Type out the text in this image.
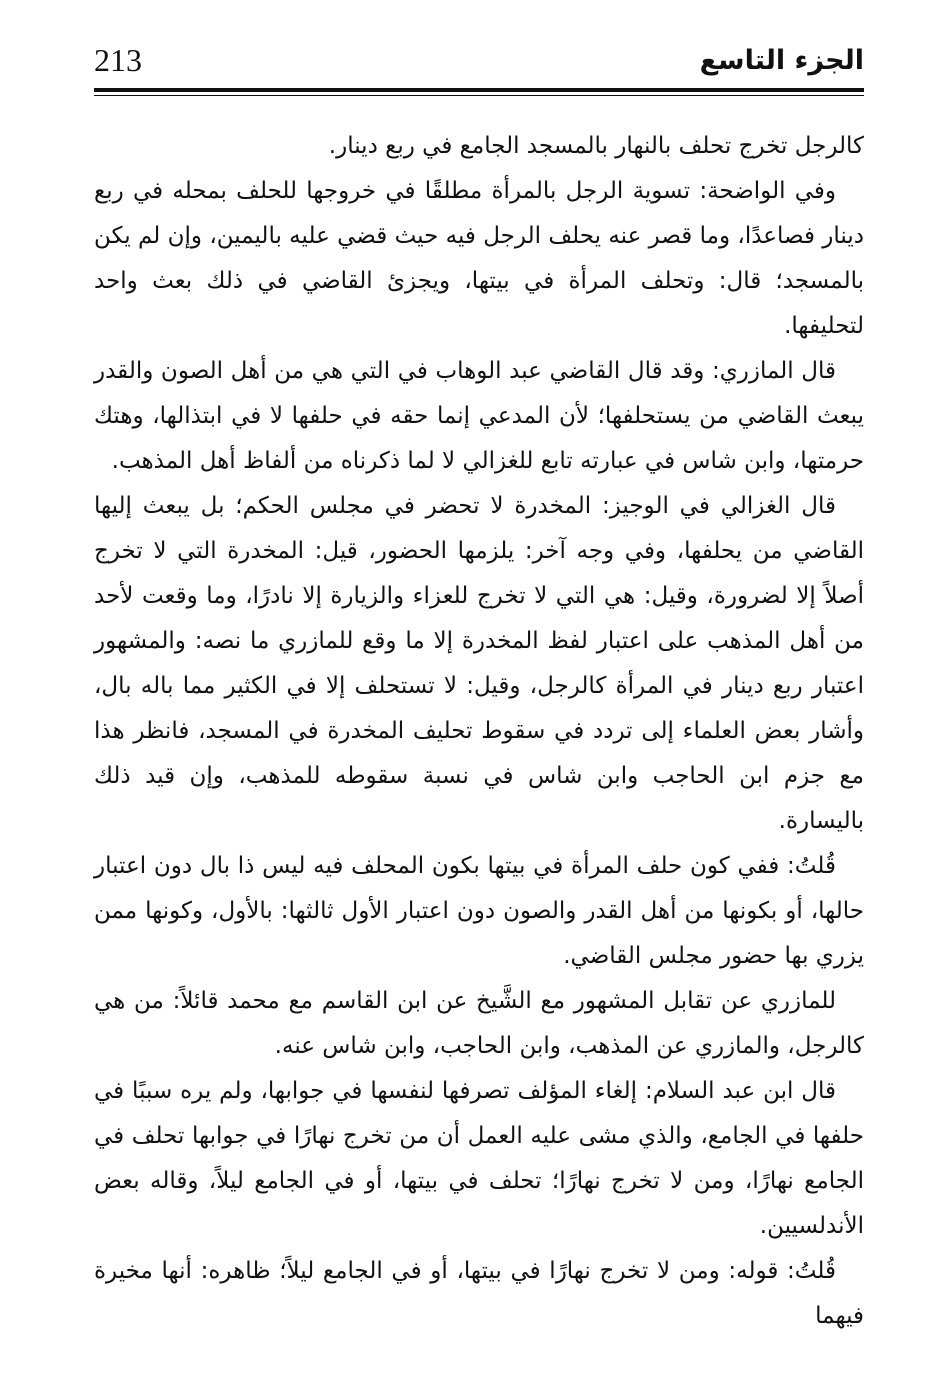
213	الجزء التاسع

كالرجل تخرج تحلف بالنهار بالمسجد الجامع في ربع دينار.

وفي الواضحة: تسوية الرجل بالمرأة مطلقًا في خروجها للحلف بمحله في ربع دينار فصاعدًا، وما قصر عنه يحلف الرجل فيه حيث قضي عليه باليمين، وإن لم يكن بالمسجد؛ قال: وتحلف المرأة في بيتها، ويجزئ القاضي في ذلك بعث واحد لتحليفها.

قال المازري: وقد قال القاضي عبد الوهاب في التي هي من أهل الصون والقدر يبعث القاضي من يستحلفها؛ لأن المدعي إنما حقه في حلفها لا في ابتذالها، وهتك حرمتها، وابن شاس في عبارته تابع للغزالي لا لما ذكرناه من ألفاظ أهل المذهب.

قال الغزالي في الوجيز: المخدرة لا تحضر في مجلس الحكم؛ بل يبعث إليها القاضي من يحلفها، وفي وجه آخر: يلزمها الحضور، قيل: المخدرة التي لا تخرج أصلاً إلا لضرورة، وقيل: هي التي لا تخرج للعزاء والزيارة إلا نادرًا، وما وقعت لأحد من أهل المذهب على اعتبار لفظ المخدرة إلا ما وقع للمازري ما نصه: والمشهور اعتبار ربع دينار في المرأة كالرجل، وقيل: لا تستحلف إلا في الكثير مما باله بال، وأشار بعض العلماء إلى تردد في سقوط تحليف المخدرة في المسجد، فانظر هذا مع جزم ابن الحاجب وابن شاس في نسبة سقوطه للمذهب، وإن قيد ذلك باليسارة.

قُلتُ: ففي كون حلف المرأة في بيتها بكون المحلف فيه ليس ذا بال دون اعتبار حالها، أو بكونها من أهل القدر والصون دون اعتبار الأول ثالثها: بالأول، وكونها ممن يزري بها حضور مجلس القاضي.

للمازري عن تقابل المشهور مع الشَّيخ عن ابن القاسم مع محمد قائلاً: من هي كالرجل، والمازري عن المذهب، وابن الحاجب، وابن شاس عنه.

قال ابن عبد السلام: إلغاء المؤلف تصرفها لنفسها في جوابها، ولم يره سببًا في حلفها في الجامع، والذي مشى عليه العمل أن من تخرج نهارًا في جوابها تحلف في الجامع نهارًا، ومن لا تخرج نهارًا؛ تحلف في بيتها، أو في الجامع ليلاً، وقاله بعض الأندلسيين.

قُلتُ: قوله: ومن لا تخرج نهارًا في بيتها، أو في الجامع ليلاً؛ ظاهره: أنها مخيرة فيهما
